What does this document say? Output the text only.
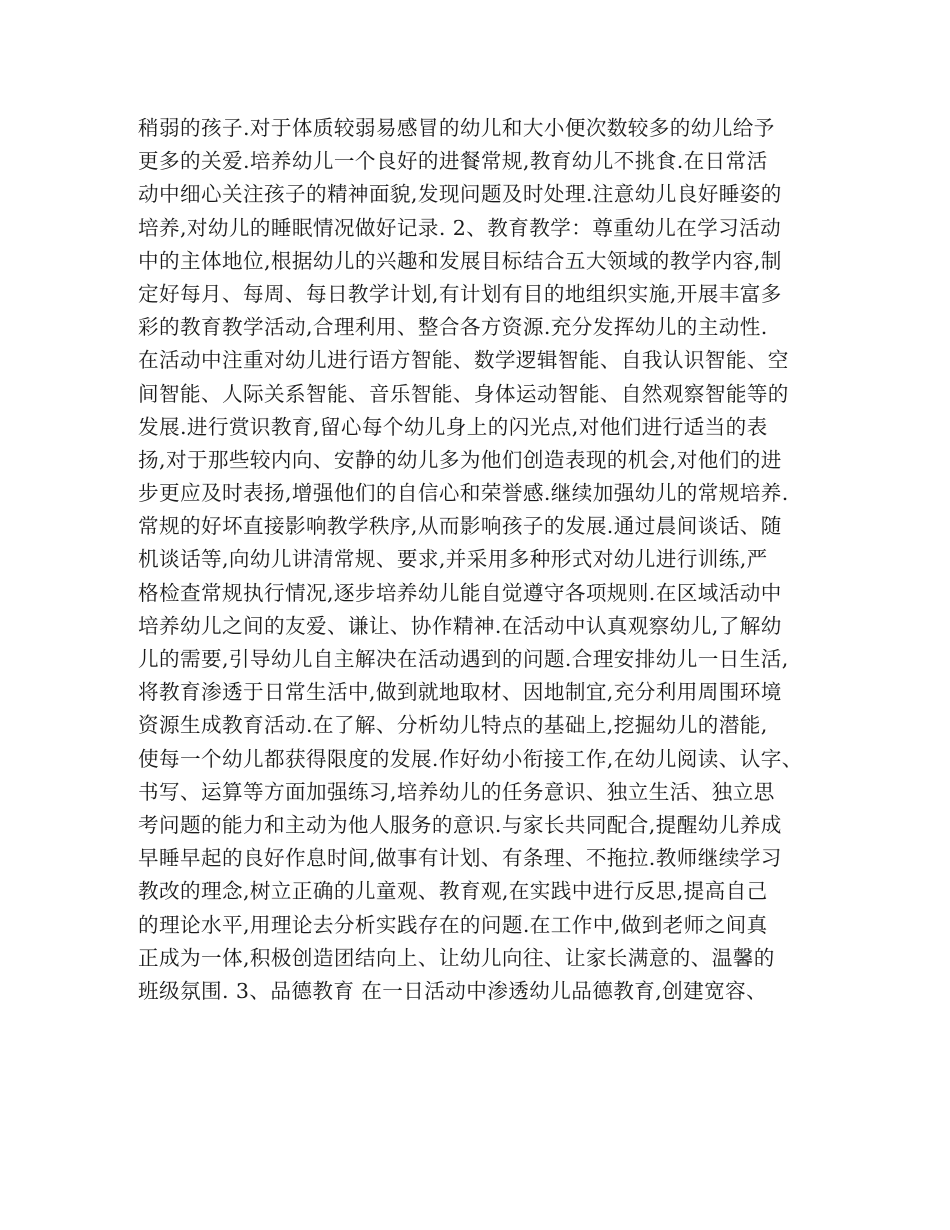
稍弱的孩子.对于体质较弱易感冒的幼儿和大小便次数较多的幼儿给予
更多的关爱.培养幼儿一个良好的进餐常规,教育幼儿不挑食.在日常活
动中细心关注孩子的精神面貌,发现问题及时处理.注意幼儿良好睡姿的
培养,对幼儿的睡眠情况做好记录. 2、教育教学：尊重幼儿在学习活动
中的主体地位,根据幼儿的兴趣和发展目标结合五大领域的教学内容,制
定好每月、每周、每日教学计划,有计划有目的地组织实施,开展丰富多
彩的教育教学活动,合理利用、整合各方资源.充分发挥幼儿的主动性.
在活动中注重对幼儿进行语方智能、数学逻辑智能、自我认识智能、空
间智能、人际关系智能、音乐智能、身体运动智能、自然观察智能等的
发展.进行赏识教育,留心每个幼儿身上的闪光点,对他们进行适当的表
扬,对于那些较内向、安静的幼儿多为他们创造表现的机会,对他们的进
步更应及时表扬,增强他们的自信心和荣誉感.继续加强幼儿的常规培养.
常规的好坏直接影响教学秩序,从而影响孩子的发展.通过晨间谈话、随
机谈话等,向幼儿讲清常规、要求,并采用多种形式对幼儿进行训练,严
格检查常规执行情况,逐步培养幼儿能自觉遵守各项规则.在区域活动中
培养幼儿之间的友爱、谦让、协作精神.在活动中认真观察幼儿,了解幼
儿的需要,引导幼儿自主解决在活动遇到的问题.合理安排幼儿一日生活,
将教育渗透于日常生活中,做到就地取材、因地制宜,充分利用周围环境
资源生成教育活动.在了解、分析幼儿特点的基础上,挖掘幼儿的潜能,
使每一个幼儿都获得限度的发展.作好幼小衔接工作,在幼儿阅读、认字、
书写、运算等方面加强练习,培养幼儿的任务意识、独立生活、独立思
考问题的能力和主动为他人服务的意识.与家长共同配合,提醒幼儿养成
早睡早起的良好作息时间,做事有计划、有条理、不拖拉.教师继续学习
教改的理念,树立正确的儿童观、教育观,在实践中进行反思,提高自己
的理论水平,用理论去分析实践存在的问题.在工作中,做到老师之间真
正成为一体,积极创造团结向上、让幼儿向往、让家长满意的、温馨的
班级氛围. 3、品德教育 在一日活动中渗透幼儿品德教育,创建宽容、
